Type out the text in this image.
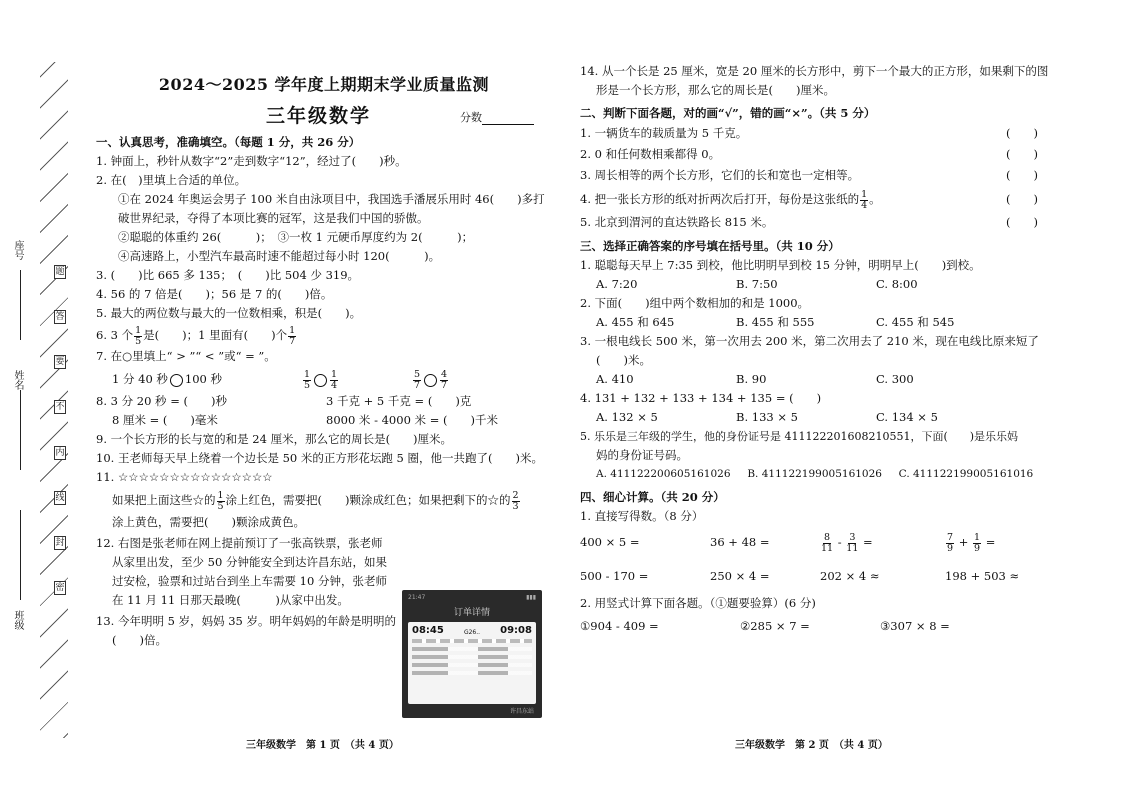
座号
姓名
班级
题
答
要
不
内
线
封
密
2024～2025 学年度上期期末学业质量监测
三年级数学	分数
一、认真思考，准确填空。（每题 1 分，共 26 分）
1. 钟面上，秒针从数字“2”走到数字“12”，经过了(　　)秒。
2. 在(　)里填上合适的单位。
①在 2024 年奥运会男子 100 米自由泳项目中，我国选手潘展乐用时 46(　　)多打
破世界纪录，夺得了本项比赛的冠军，这是我们中国的骄傲。
②聪聪的体重约 26(　　　)；　③一枚 1 元硬币厚度约为 2(　　　)；
④高速路上，小型汽车最高时速不能超过每小时 120(　　　)。
3. (　　)比 665 多 135；　(　　)比 504 少 319。
4. 56 的 7 倍是(　　)；56 是 7 的(　　)倍。
5. 最大的两位数与最大的一位数相乘，积是(　　)。
6. 3 个 $\frac{1}{5}$ 是(　　)；1 里面有(　　)个 $\frac{1}{7}$
7. 在○里填上“ > ”“ < ”或“ = ”。
1 分 40 秒 100 秒	$\frac{1}{5} \frac{1}{4}$	$\frac{5}{7} \frac{4}{7}$
8. 3 分 20 秒 = (　　)秒	3 千克 + 5 千克 = (　　)克
8 厘米 = (　　)毫米	8000 米 - 4000 米 = (　　)千米
9. 一个长方形的长与宽的和是 24 厘米，那么它的周长是(　　)厘米。
10. 王老师每天早上绕着一个边长是 50 米的正方形花坛跑 5 圈，他一共跑了(　　)米。
11. ☆☆☆☆☆☆☆☆☆☆☆☆☆☆☆
如果把上面这些☆的 $\frac{1}{5}$ 涂上红色，需要把(　　)颗涂成红色；如果把剩下的☆的 $\frac{2}{3}$
涂上黄色，需要把(　　)颗涂成黄色。
12. 右图是张老师在网上提前预订了一张高铁票，张老师
从家里出发，至少 50 分钟能安全到达许昌东站，如果
过安检，验票和过站台到坐上车需要 10 分钟，张老师
在 11 月 11 日那天最晚(　　　)从家中出发。
13. 今年明明 5 岁，妈妈 35 岁。明年妈妈的年龄是明明的
(　　)倍。
21:47	▮▮▮
订单详情
08:45	G26.. 09:08
许昌东站
三年级数学　第 1 页　（共 4 页）
14. 从一个长是 25 厘米，宽是 20 厘米的长方形中，剪下一个最大的正方形，如果剩下的图
形是一个长方形，那么它的周长是(　　)厘米。
二、判断下面各题，对的画“√”，错的画“×”。（共 5 分）
1. 一辆货车的载质量为 5 千克。	(　　)
2. 0 和任何数相乘都得 0。	(　　)
3. 周长相等的两个长方形，它们的长和宽也一定相等。	(　　)
4. 把一张长方形的纸对折两次后打开，每份是这张纸的 $\frac{1}{4}$ 。	(　　)
5. 北京到渭河的直达铁路长 815 米。	(　　)
三、选择正确答案的序号填在括号里。（共 10 分）
1. 聪聪每天早上 7:35 到校，他比明明早到校 15 分钟，明明早上(　　)到校。
A. 7:20	B. 7:50	C. 8:00
2. 下面(　　)组中两个数相加的和是 1000。
A. 455 和 645	B. 455 和 555	C. 455 和 545
3. 一根电线长 500 米，第一次用去 200 米，第二次用去了 210 米，现在电线比原来短了
(　　)米。
A. 410	B. 90	C. 300
4. 131 + 132 + 133 + 134 + 135 = (　　)
A. 132 × 5	B. 133 × 5	C. 134 × 5
5. 乐乐是三年级的学生，他的身份证号是 411122201608210551，下面(　　)是乐乐妈
妈的身份证号码。
A. 411122200605161026	B. 411122199005161026	C. 411122199005161016
四、细心计算。（共 20 分）
1. 直接写得数。（8 分）
400 × 5 =	36 + 48 =	$\frac{8}{11} - \frac{3}{11}$ =	$\frac{7}{9} + \frac{1}{9}$ =
500 - 170 =	250 × 4 =	202 × 4 ≈	198 + 503 ≈
2. 用竖式计算下面各题。（①题要验算）(6 分)
①904 - 409 =	②285 × 7 =	③307 × 8 =
三年级数学　第 2 页　（共 4 页）
